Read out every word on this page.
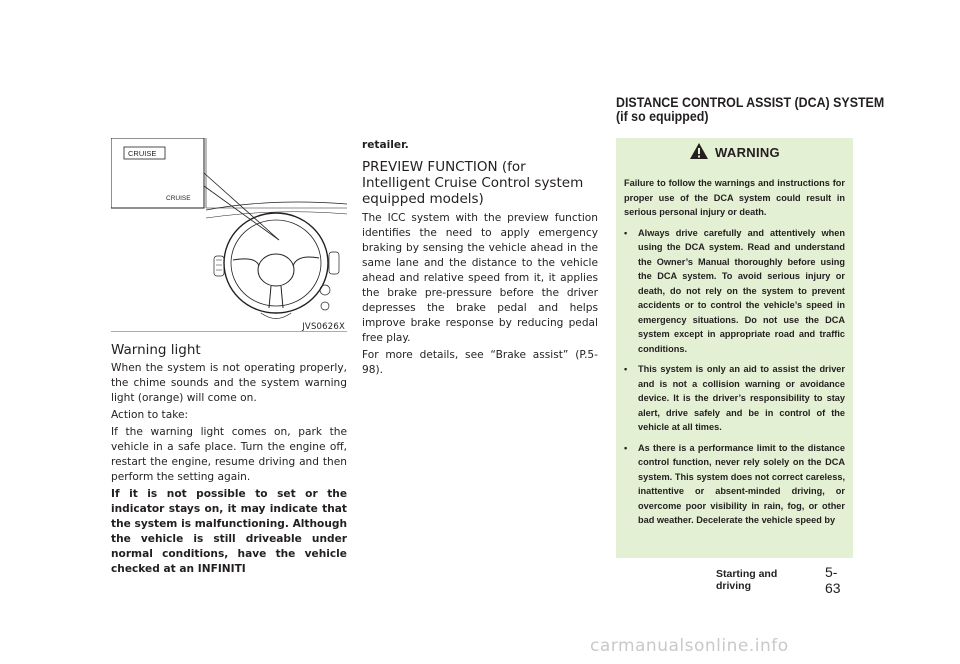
CRUISE
CRUISE
JVS0626X
Warning light

When the system is not operating properly, the chime sounds and the system warning light (orange) will come on.

Action to take:

If the warning light comes on, park the vehicle in a safe place. Turn the engine off, restart the engine, resume driving and then perform the setting again.

If it is not possible to set or the indicator stays on, it may indicate that the system is malfunctioning. Although the vehicle is still driveable under normal conditions, have the vehicle checked at an INFINITI

retailer.

PREVIEW FUNCTION (for Intelligent Cruise Control system equipped models)

The ICC system with the preview function identifies the need to apply emergency braking by sensing the vehicle ahead in the same lane and the distance to the vehicle ahead and relative speed from it, it applies the brake pre-pressure before the driver depresses the brake pedal and helps improve brake response by reducing pedal free play.

For more details, see “Brake assist” (P.5-98).

DISTANCE CONTROL ASSIST (DCA) SYSTEM
(if so equipped)
WARNING

Failure to follow the warnings and instructions for proper use of the DCA system could result in serious personal injury or death.

• Always drive carefully and attentively when using the DCA system. Read and understand the Owner’s Manual thoroughly before using the DCA system. To avoid serious injury or death, do not rely on the system to prevent accidents or to control the vehicle’s speed in emergency situations. Do not use the DCA system except in appropriate road and traffic conditions.
• This system is only an aid to assist the driver and is not a collision warning or avoidance device. It is the driver’s responsibility to stay alert, drive safely and be in control of the vehicle at all times.
• As there is a performance limit to the distance control function, never rely solely on the DCA system. This system does not correct careless, inattentive or absent-minded driving, or overcome poor visibility in rain, fog, or other bad weather. Decelerate the vehicle speed by
Starting and driving
5-63
carmanualsonline.info
